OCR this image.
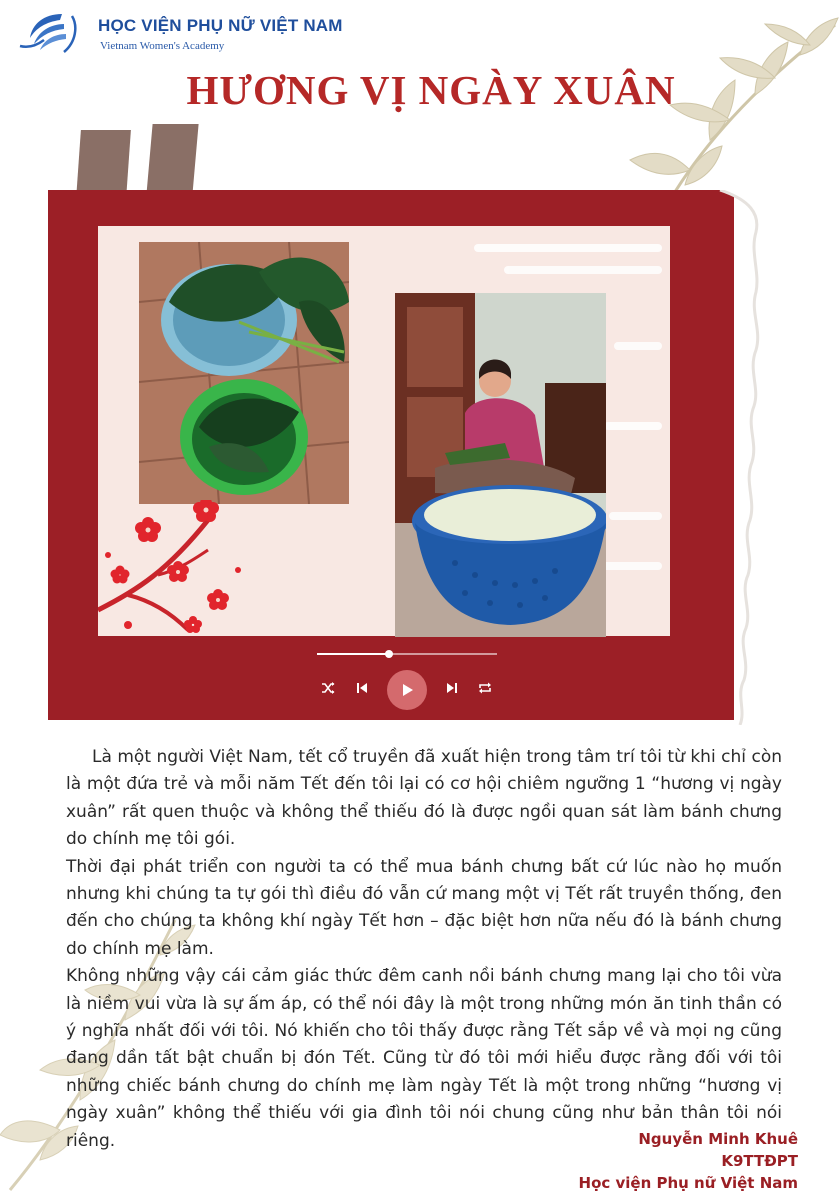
HỌC VIỆN PHỤ NỮ VIỆT NAM
Vietnam Women's Academy
HƯƠNG VỊ NGÀY XUÂN

Là một người Việt Nam, tết cổ truyền đã xuất hiện trong tâm trí tôi từ khi chỉ còn là một đứa trẻ và mỗi năm Tết đến tôi lại có cơ hội chiêm ngưỡng 1 “hương vị ngày xuân” rất quen thuộc và không thể thiếu đó là được ngồi quan sát làm bánh chưng do chính mẹ tôi gói.

Thời đại phát triển con người ta có thể mua bánh chưng bất cứ lúc nào họ muốn nhưng khi chúng ta tự gói thì điều đó vẫn cứ mang một vị Tết rất truyền thống, đen đến cho chúng ta không khí ngày Tết hơn – đặc biệt hơn nữa nếu đó là bánh chưng do chính mẹ làm.

Không những vậy cái cảm giác thức đêm canh nồi bánh chưng mang lại cho tôi vừa là niềm vui vừa là sự ấm áp, có thể nói đây là một trong những món ăn tinh thần có ý nghĩa nhất đối với tôi. Nó khiến cho tôi thấy được rằng Tết sắp về và mọi ng cũng đang dần tất bật chuẩn bị đón Tết. Cũng từ đó tôi mới hiểu được rằng đối với tôi những chiếc bánh chưng do chính mẹ làm ngày Tết là một trong những “hương vị ngày xuân” không thể thiếu với gia đình tôi nói chung cũng như bản thân tôi nói riêng.	Nguyễn Minh Khuê
K9TTĐPT
Học viện Phụ nữ Việt Nam
